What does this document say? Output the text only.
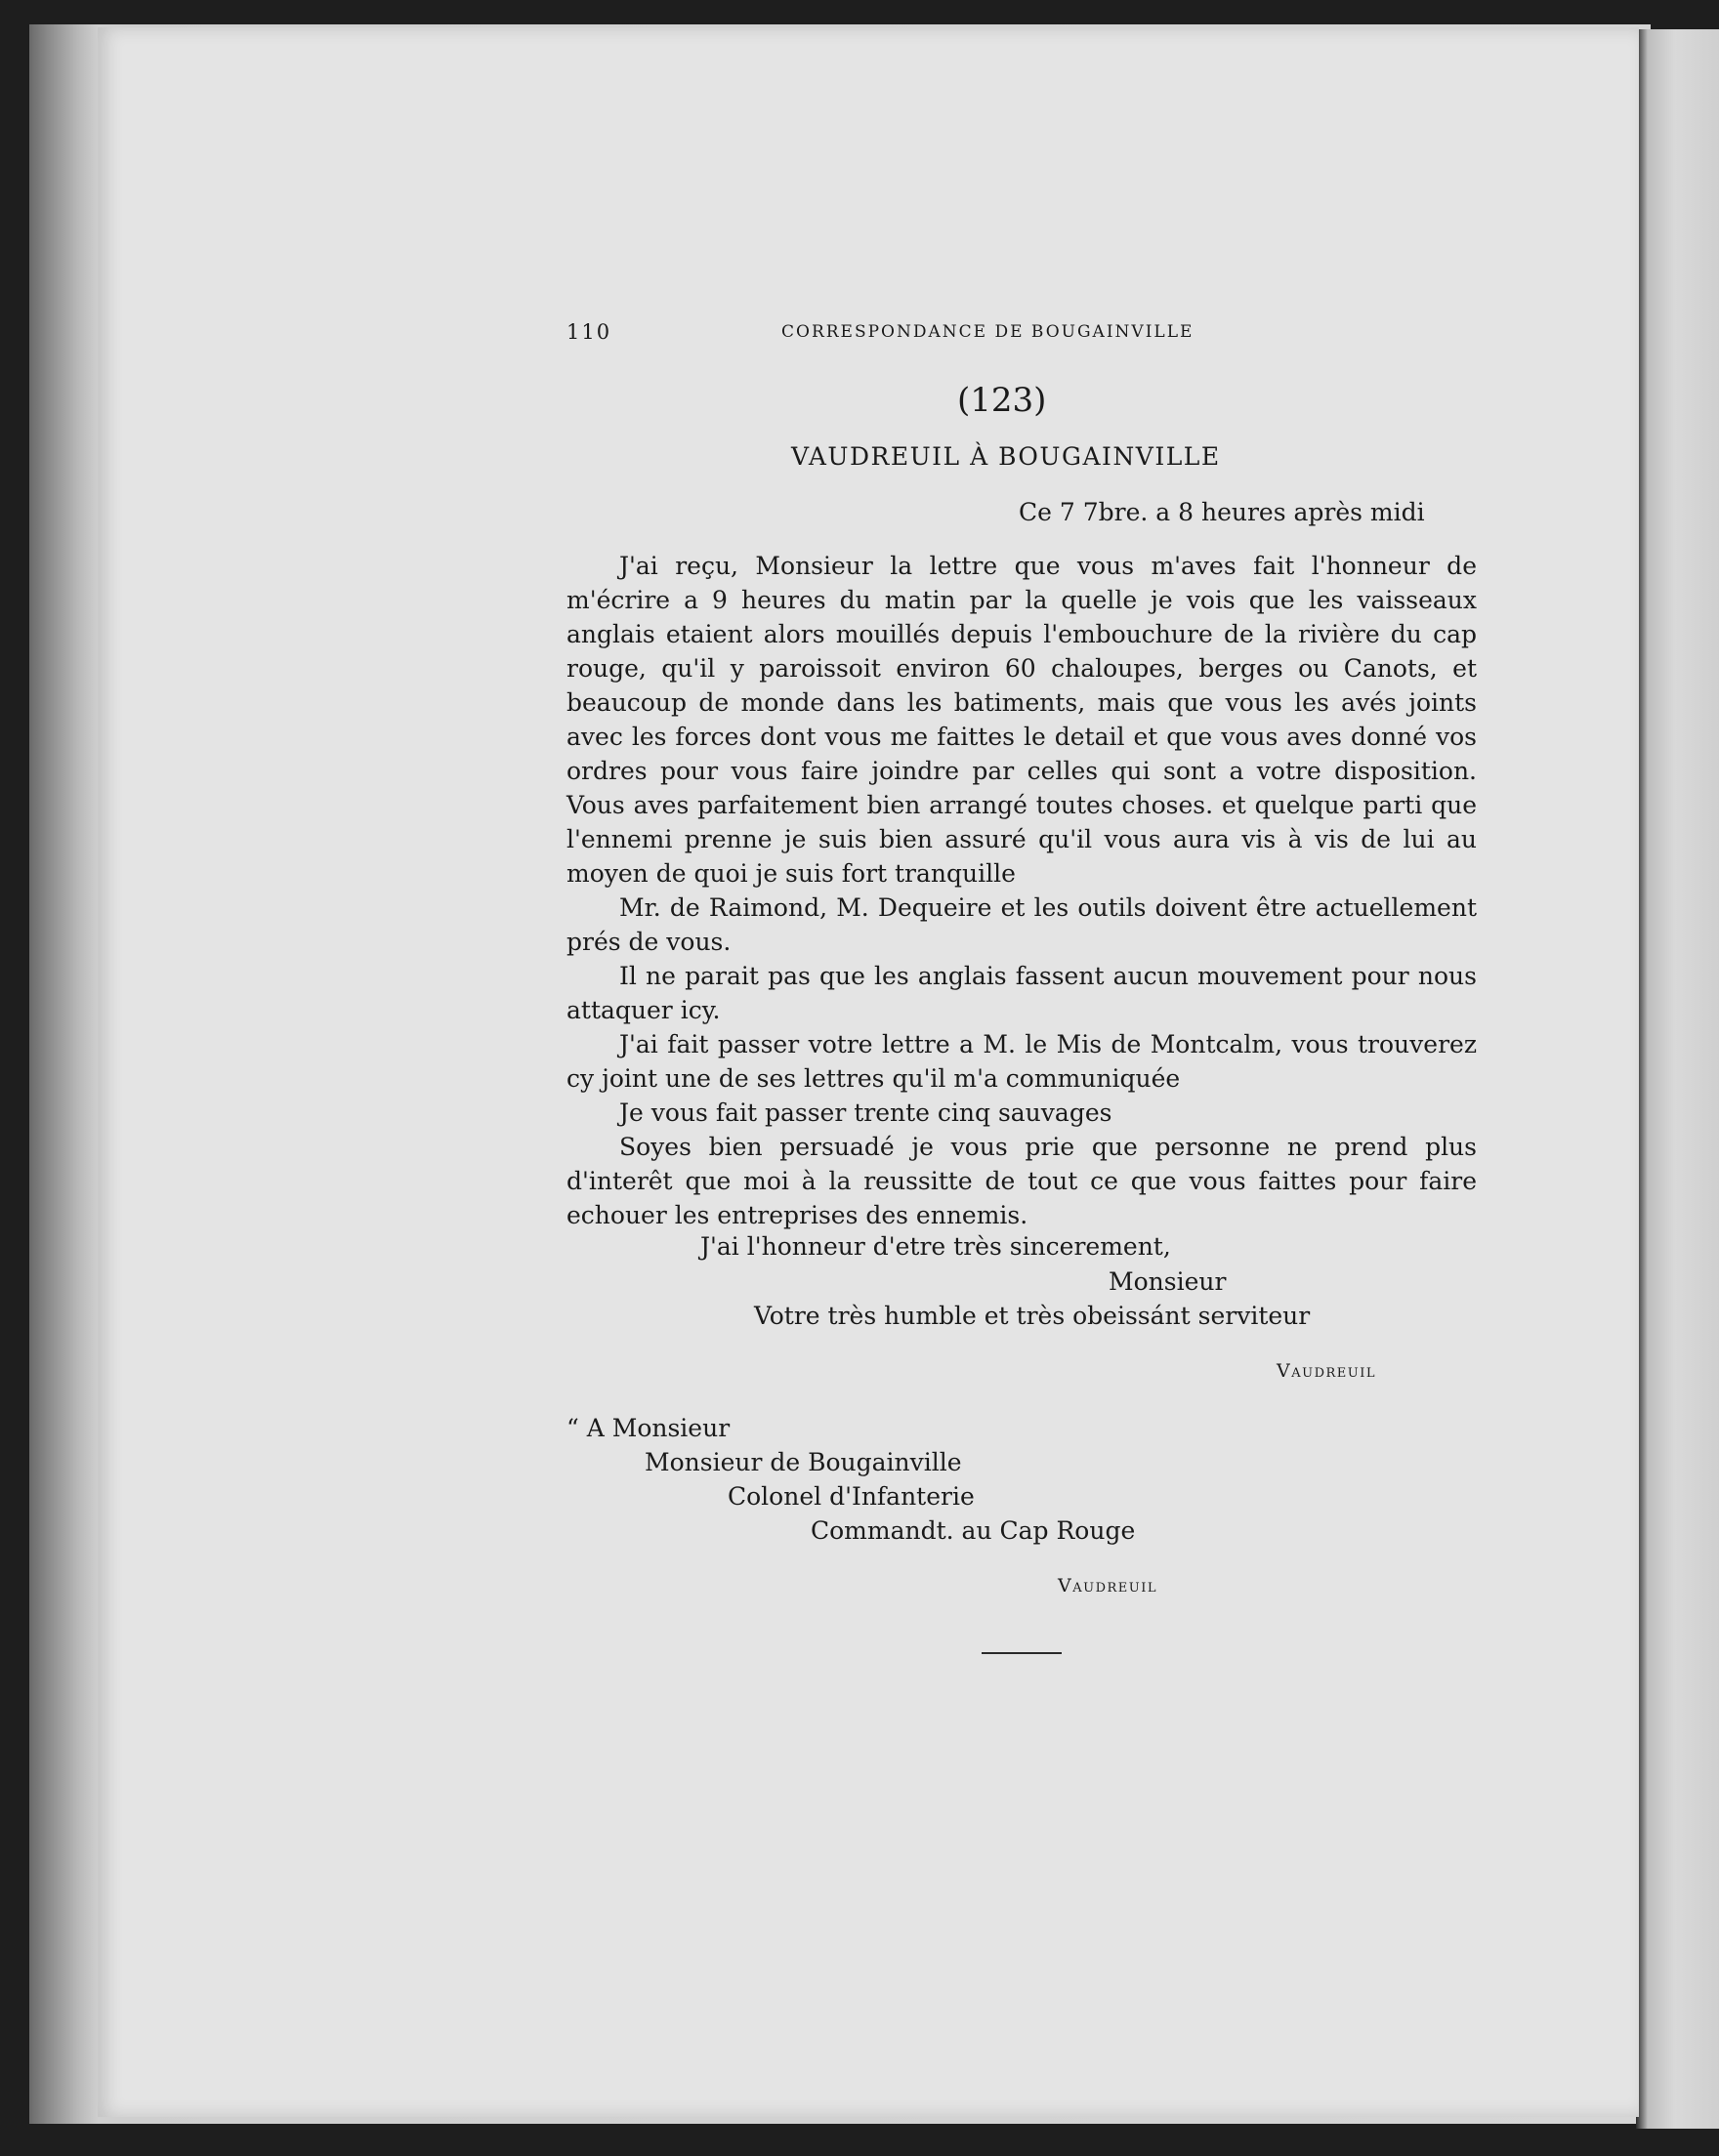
110	CORRESPONDANCE DE BOUGAINVILLE
(123)
VAUDREUIL À BOUGAINVILLE
Ce 7 7bre. a 8 heures après midi

J'ai reçu, Monsieur la lettre que vous m'aves fait l'honneur de m'écrire a 9 heures du matin par la quelle je vois que les vaisseaux anglais etaient alors mouillés depuis l'embouchure de la rivière du cap rouge, qu'il y paroissoit environ 60 chaloupes, berges ou Canots, et beaucoup de monde dans les batiments, mais que vous les avés joints avec les forces dont vous me faittes le detail et que vous aves donné vos ordres pour vous faire joindre par celles qui sont a votre disposition. Vous aves parfaitement bien arrangé toutes choses. et quelque parti que l'ennemi prenne je suis bien assuré qu'il vous aura vis à vis de lui au moyen de quoi je suis fort tranquille

Mr. de Raimond, M. Dequeire et les outils doivent être actuellement prés de vous.

Il ne parait pas que les anglais fassent aucun mouvement pour nous attaquer icy.

J'ai fait passer votre lettre a M. le Mis de Montcalm, vous trouverez cy joint une de ses lettres qu'il m'a communiquée

Je vous fait passer trente cinq sauvages

Soyes bien persuadé je vous prie que personne ne prend plus d'interêt que moi à la reussitte de tout ce que vous faittes pour faire echouer les entreprises des ennemis.

J'ai l'honneur d'etre très sincerement,
Monsieur
Votre très humble et très obeissánt serviteur
Vaudreuil
“ A Monsieur
Monsieur de Bougainville
Colonel d'Infanterie
Commandt. au Cap Rouge
Vaudreuil
